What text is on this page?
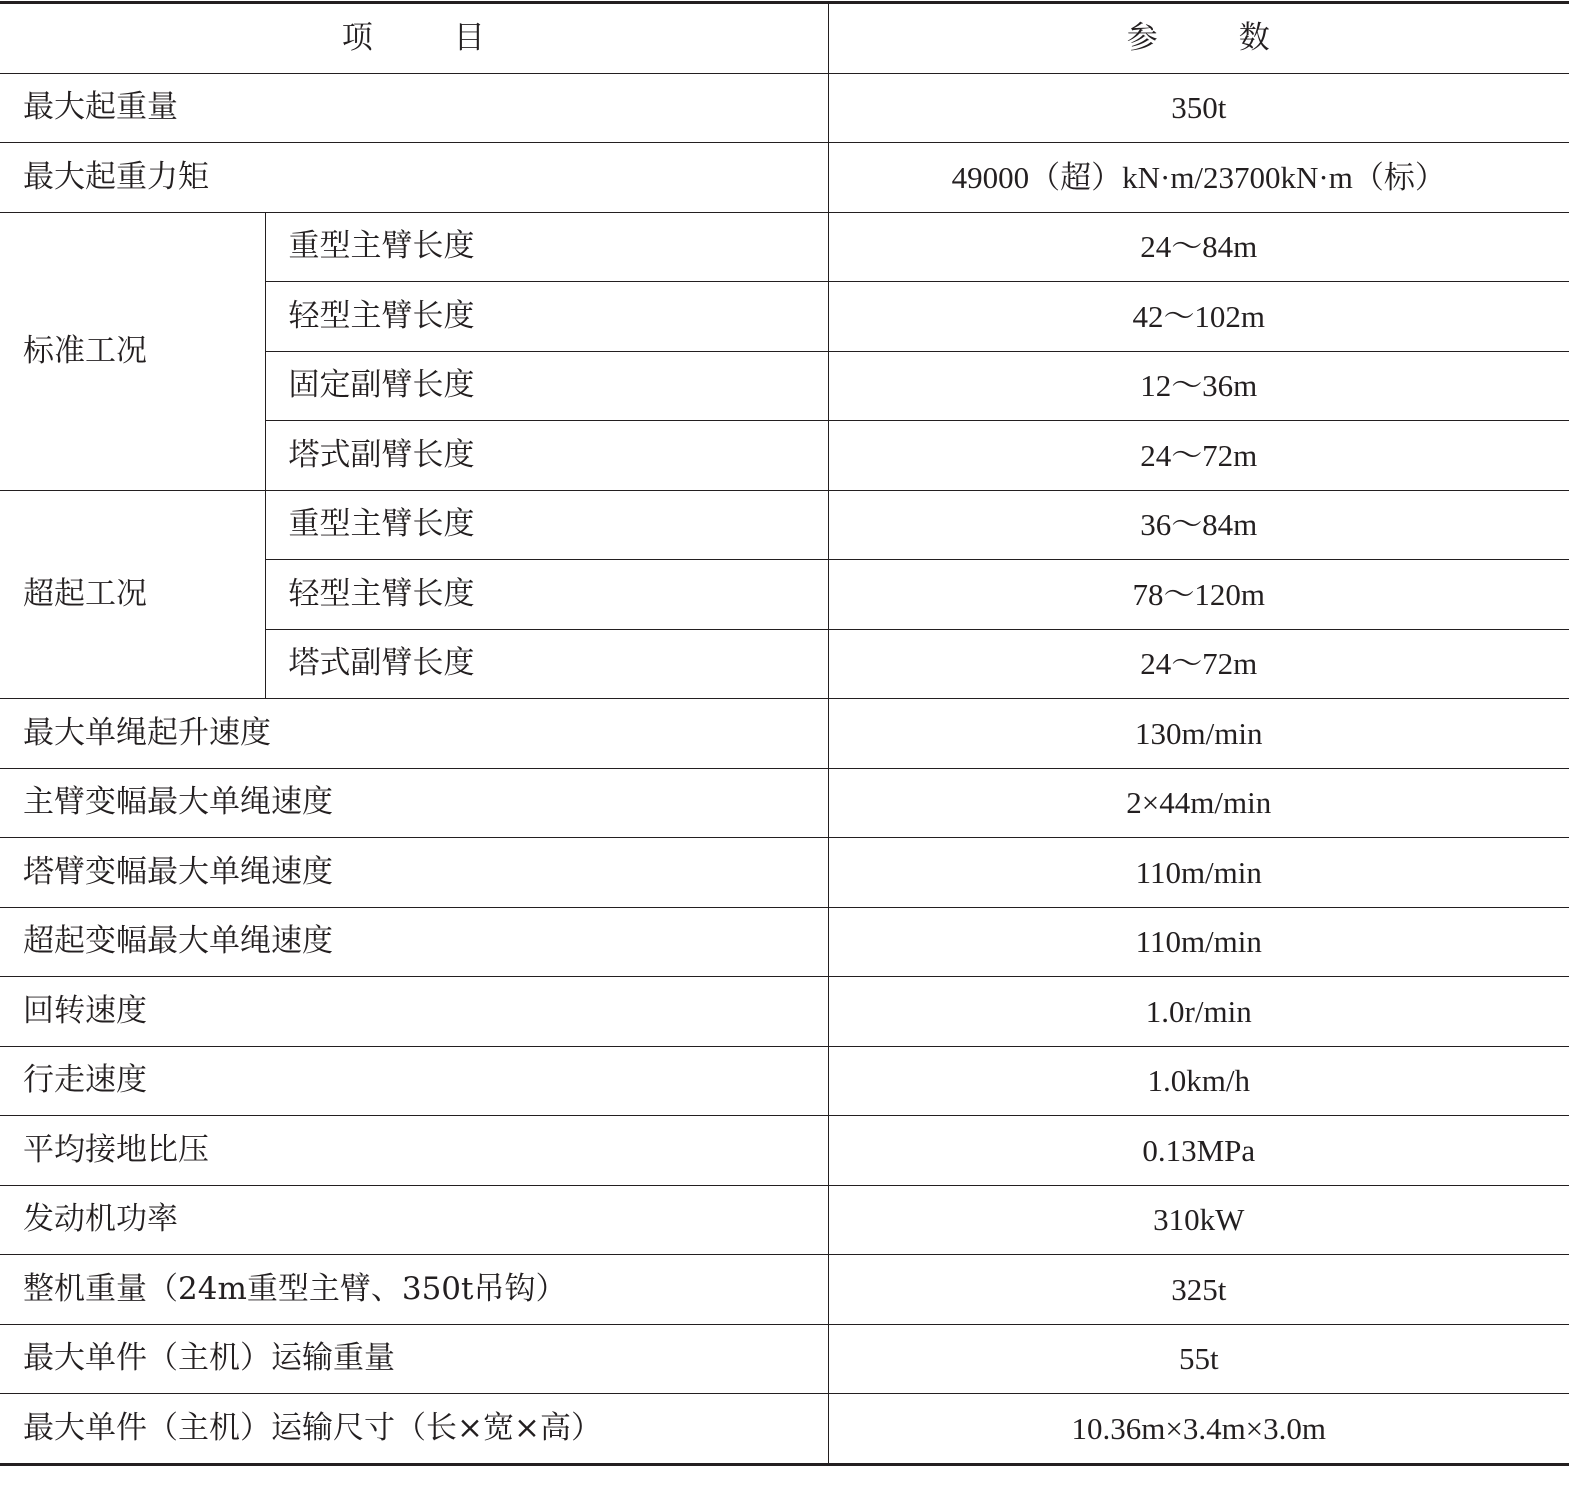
项 目		参 数
最大起重量		350t
最大起重力矩		49000（超）kN·m/23700kN·m（标）
标准工况	重型主臂长度	24～84m
	轻型主臂长度	42～102m
	固定副臂长度	12～36m
	塔式副臂长度	24～72m
超起工况	重型主臂长度	36～84m
	轻型主臂长度	78～120m
	塔式副臂长度	24～72m
最大单绳起升速度		130m/min
主臂变幅最大单绳速度		2×44m/min
塔臂变幅最大单绳速度		110m/min
超起变幅最大单绳速度		110m/min
回转速度		1.0r/min
行走速度		1.0km/h
平均接地比压		0.13MPa
发动机功率		310kW
整机重量（24m重型主臂、350t吊钩）		325t
最大单件（主机）运输重量		55t
最大单件（主机）运输尺寸（长×宽×高）		10.36m×3.4m×3.0m
